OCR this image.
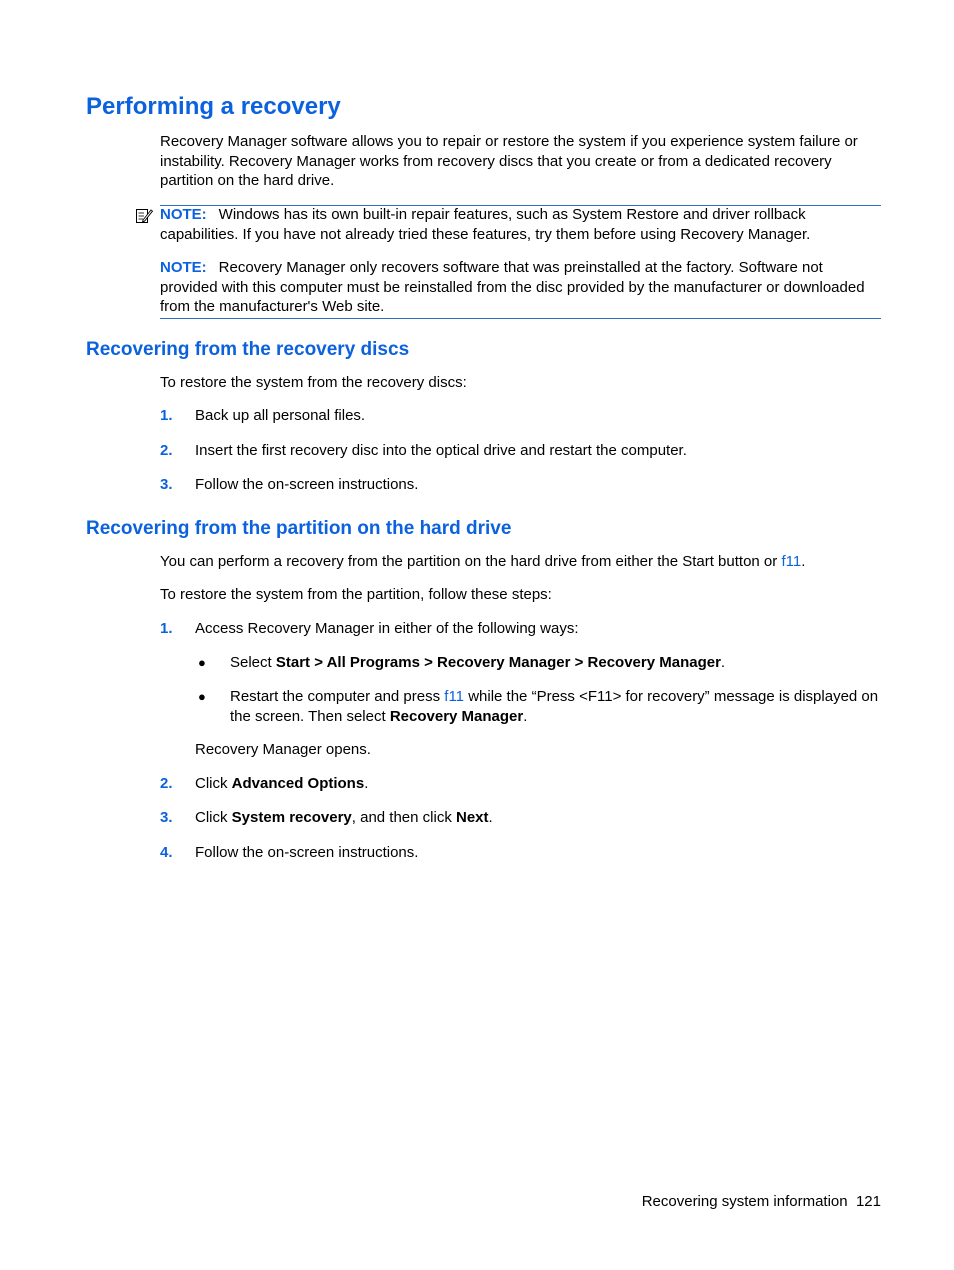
Performing a recovery

Recovery Manager software allows you to repair or restore the system if you experience system failure or instability. Recovery Manager works from recovery discs that you create or from a dedicated recovery partition on the hard drive.

NOTE: Windows has its own built-in repair features, such as System Restore and driver rollback capabilities. If you have not already tried these features, try them before using Recovery Manager.

NOTE: Recovery Manager only recovers software that was preinstalled at the factory. Software not provided with this computer must be reinstalled from the disc provided by the manufacturer or downloaded from the manufacturer's Web site.

Recovering from the recovery discs

To restore the system from the recovery discs:

1. Back up all personal files.

2. Insert the first recovery disc into the optical drive and restart the computer.

3. Follow the on-screen instructions.

Recovering from the partition on the hard drive

You can perform a recovery from the partition on the hard drive from either the Start button or f11.

To restore the system from the partition, follow these steps:

1. Access Recovery Manager in either of the following ways:

● Select Start > All Programs > Recovery Manager > Recovery Manager.

● Restart the computer and press f11 while the “Press <F11> for recovery” message is displayed on the screen. Then select Recovery Manager.

Recovery Manager opens.

2. Click Advanced Options.

3. Click System recovery, and then click Next.

4. Follow the on-screen instructions.

Recovering system information 121
